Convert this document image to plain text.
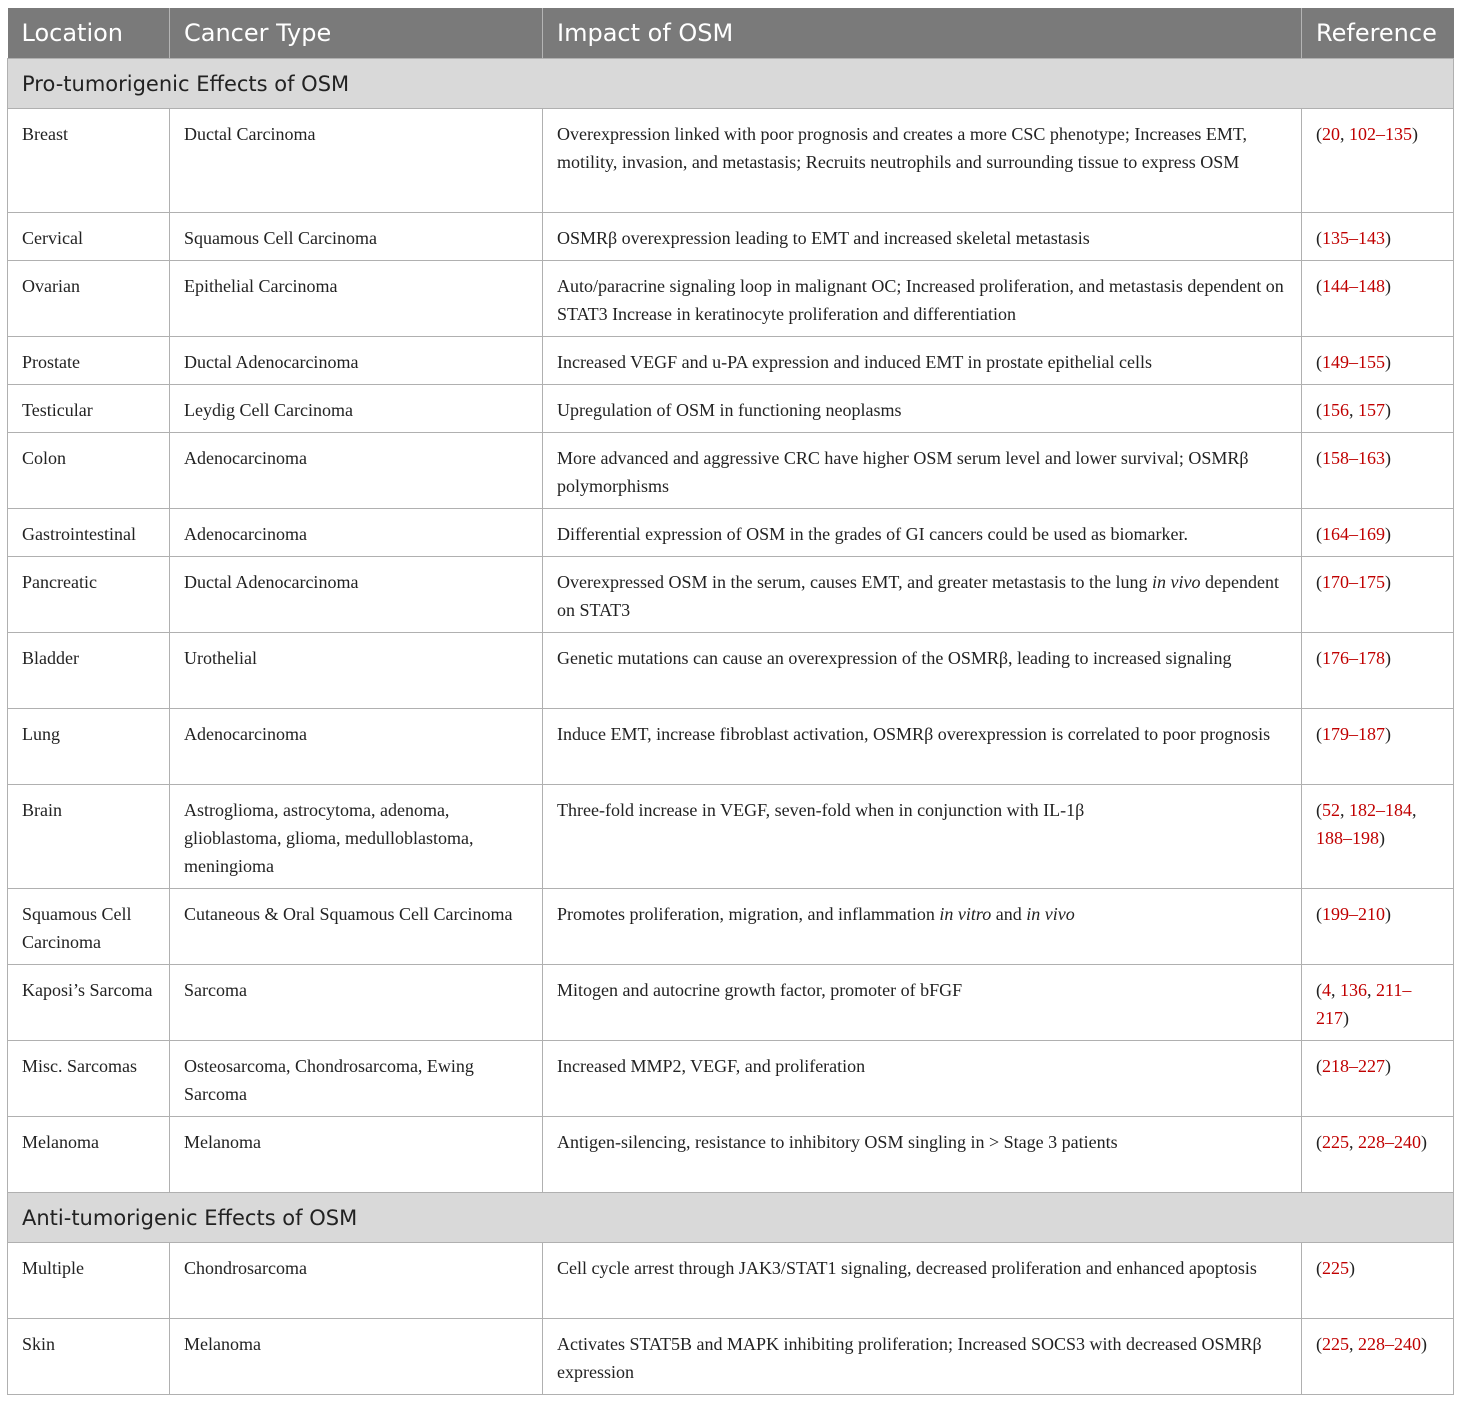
Location	Cancer Type	Impact of OSM	Reference
Pro-tumorigenic Effects of OSM			
Breast	Ductal Carcinoma	Overexpression linked with poor prognosis and creates a more CSC phenotype; Increases EMT, motility, invasion, and metastasis; Recruits neutrophils and surrounding tissue to express OSM	(20, 102–135)
Cervical	Squamous Cell Carcinoma	OSMRβ overexpression leading to EMT and increased skeletal metastasis	(135–143)
Ovarian	Epithelial Carcinoma	Auto/paracrine signaling loop in malignant OC; Increased proliferation, and metastasis dependent on STAT3 Increase in keratinocyte proliferation and differentiation	(144–148)
Prostate	Ductal Adenocarcinoma	Increased VEGF and u-PA expression and induced EMT in prostate epithelial cells	(149–155)
Testicular	Leydig Cell Carcinoma	Upregulation of OSM in functioning neoplasms	(156, 157)
Colon	Adenocarcinoma	More advanced and aggressive CRC have higher OSM serum level and lower survival; OSMRβ polymorphisms	(158–163)
Gastrointestinal	Adenocarcinoma	Differential expression of OSM in the grades of GI cancers could be used as biomarker.	(164–169)
Pancreatic	Ductal Adenocarcinoma	Overexpressed OSM in the serum, causes EMT, and greater metastasis to the lung in vivo dependent on STAT3	(170–175)
Bladder	Urothelial	Genetic mutations can cause an overexpression of the OSMRβ, leading to increased signaling	(176–178)
Lung	Adenocarcinoma	Induce EMT, increase fibroblast activation, OSMRβ overexpression is correlated to poor prognosis	(179–187)
Brain	Astroglioma, astrocytoma, adenoma, glioblastoma, glioma, medulloblastoma, meningioma	Three-fold increase in VEGF, seven-fold when in conjunction with IL-1β	(52, 182–184, 188–198)
Squamous Cell Carcinoma	Cutaneous & Oral Squamous Cell Carcinoma	Promotes proliferation, migration, and inflammation in vitro and in vivo	(199–210)
Kaposi’s Sarcoma	Sarcoma	Mitogen and autocrine growth factor, promoter of bFGF	(4, 136, 211–217)
Misc. Sarcomas	Osteosarcoma, Chondrosarcoma, Ewing Sarcoma	Increased MMP2, VEGF, and proliferation	(218–227)
Melanoma	Melanoma	Antigen-silencing, resistance to inhibitory OSM singling in > Stage 3 patients	(225, 228–240)
Anti-tumorigenic Effects of OSM			
Multiple	Chondrosarcoma	Cell cycle arrest through JAK3/STAT1 signaling, decreased proliferation and enhanced apoptosis	(225)
Skin	Melanoma	Activates STAT5B and MAPK inhibiting proliferation; Increased SOCS3 with decreased OSMRβ expression	(225, 228–240)
